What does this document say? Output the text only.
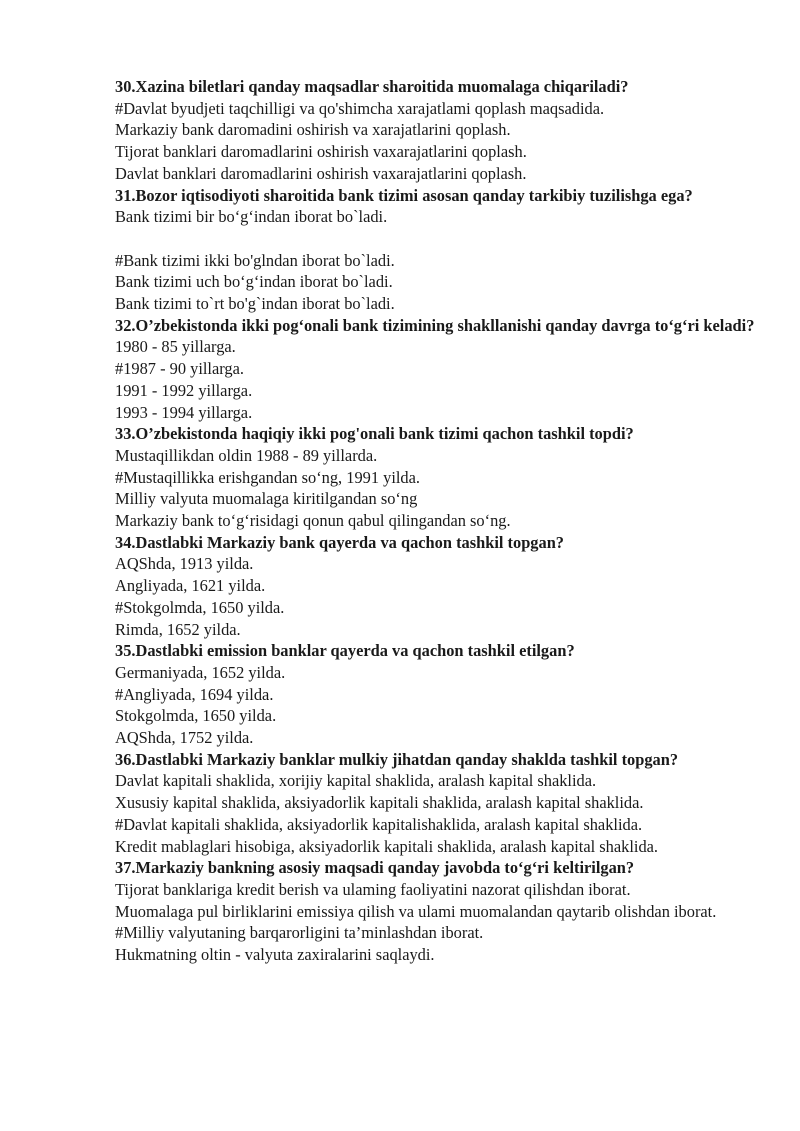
30.Xazina biletlari qanday maqsadlar sharoitida muomalaga chiqariladi?

#Davlat byudjeti taqchilligi va qo'shimcha xarajatlami qoplash maqsadida.

Markaziy bank daromadini oshirish va xarajatlarini qoplash.

Tijorat banklari daromadlarini oshirish vaxarajatlarini qoplash.

Davlat banklari daromadlarini oshirish vaxarajatlarini qoplash.

31.Bozor iqtisodiyoti sharoitida bank tizimi asosan qanday tarkibiy tuzilishga ega?

Bank tizimi bir bo‘g‘indan iborat bo`ladi.

#Bank tizimi ikki bo'glndan iborat bo`ladi.

Bank tizimi uch bo‘g‘indan iborat bo`ladi.

Bank tizimi to`rt bo'g`indan iborat bo`ladi.

32.O’zbekistonda ikki pog‘onali bank tizimining shakllanishi qanday davrga to‘g‘ri keladi?

1980 - 85 yillarga.

#1987 - 90 yillarga.

1991 - 1992 yillarga.

1993 - 1994 yillarga.

33.O’zbekistonda haqiqiy ikki pog'onali bank tizimi qachon tashkil topdi?

Mustaqillikdan oldin 1988 - 89 yillarda.

#Mustaqillikka erishgandan so‘ng, 1991 yilda.

Milliy valyuta muomalaga kiritilgandan so‘ng

Markaziy bank to‘g‘risidagi qonun qabul qilingandan so‘ng.

34.Dastlabki Markaziy bank qayerda va qachon tashkil topgan?

AQShda, 1913 yilda.

Angliyada, 1621 yilda.

#Stokgolmda, 1650 yilda.

Rimda, 1652 yilda.

35.Dastlabki emission banklar qayerda va qachon tashkil etilgan?

Germaniyada, 1652 yilda.

#Angliyada, 1694 yilda.

Stokgolmda, 1650 yilda.

AQShda, 1752 yilda.

36.Dastlabki Markaziy banklar mulkiy jihatdan qanday shaklda tashkil topgan?

Davlat kapitali shaklida, xorijiy kapital shaklida, aralash kapital shaklida.

Xususiy kapital shaklida, aksiyadorlik kapitali shaklida, aralash kapital shaklida.

#Davlat kapitali shaklida, aksiyadorlik kapitalishaklida, aralash kapital shaklida.

Kredit mablaglari hisobiga, aksiyadorlik kapitali shaklida, aralash kapital shaklida.

37.Markaziy bankning asosiy maqsadi qanday javobda to‘g‘ri keltirilgan?

Tijorat banklariga kredit berish va ulaming faoliyatini nazorat qilishdan iborat.

Muomalaga pul birliklarini emissiya qilish va ulami muomalandan qaytarib olishdan iborat.

#Milliy valyutaning barqarorligini ta’minlashdan iborat.

Hukmatning oltin - valyuta zaxiralarini saqlaydi.
